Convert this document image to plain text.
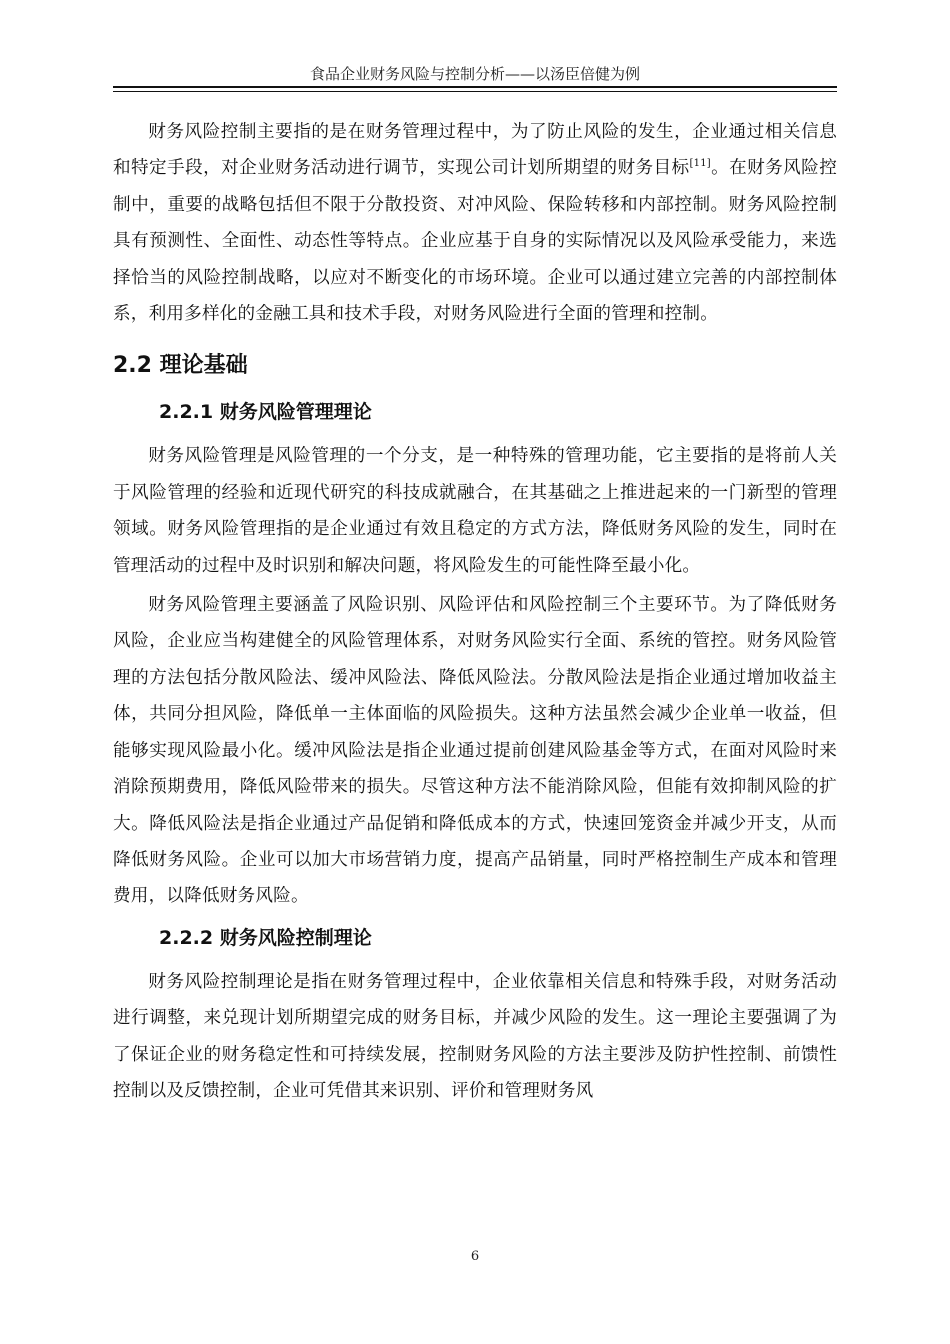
食品企业财务风险与控制分析——以汤臣倍健为例

财务风险控制主要指的是在财务管理过程中，为了防止风险的发生，企业通过相关信息和特定手段，对企业财务活动进行调节，实现公司计划所期望的财务目标[11]。在财务风险控制中，重要的战略包括但不限于分散投资、对冲风险、保险转移和内部控制。财务风险控制具有预测性、全面性、动态性等特点。企业应基于自身的实际情况以及风险承受能力，来选择恰当的风险控制战略，以应对不断变化的市场环境。企业可以通过建立完善的内部控制体系，利用多样化的金融工具和技术手段，对财务风险进行全面的管理和控制。

2.2 理论基础
2.2.1 财务风险管理理论

财务风险管理是风险管理的一个分支，是一种特殊的管理功能，它主要指的是将前人关于风险管理的经验和近现代研究的科技成就融合，在其基础之上推进起来的一门新型的管理领域。财务风险管理指的是企业通过有效且稳定的方式方法，降低财务风险的发生，同时在管理活动的过程中及时识别和解决问题，将风险发生的可能性降至最小化。

财务风险管理主要涵盖了风险识别、风险评估和风险控制三个主要环节。为了降低财务风险，企业应当构建健全的风险管理体系，对财务风险实行全面、系统的管控。财务风险管理的方法包括分散风险法、缓冲风险法、降低风险法。分散风险法是指企业通过增加收益主体，共同分担风险，降低单一主体面临的风险损失。这种方法虽然会减少企业单一收益，但能够实现风险最小化。缓冲风险法是指企业通过提前创建风险基金等方式，在面对风险时来消除预期费用，降低风险带来的损失。尽管这种方法不能消除风险，但能有效抑制风险的扩大。降低风险法是指企业通过产品促销和降低成本的方式，快速回笼资金并减少开支，从而降低财务风险。企业可以加大市场营销力度，提高产品销量，同时严格控制生产成本和管理费用，以降低财务风险。

2.2.2 财务风险控制理论

财务风险控制理论是指在财务管理过程中，企业依靠相关信息和特殊手段，对财务活动进行调整，来兑现计划所期望完成的财务目标，并减少风险的发生。这一理论主要强调了为了保证企业的财务稳定性和可持续发展，控制财务风险的方法主要涉及防护性控制、前馈性控制以及反馈控制，企业可凭借其来识别、评价和管理财务风

6
